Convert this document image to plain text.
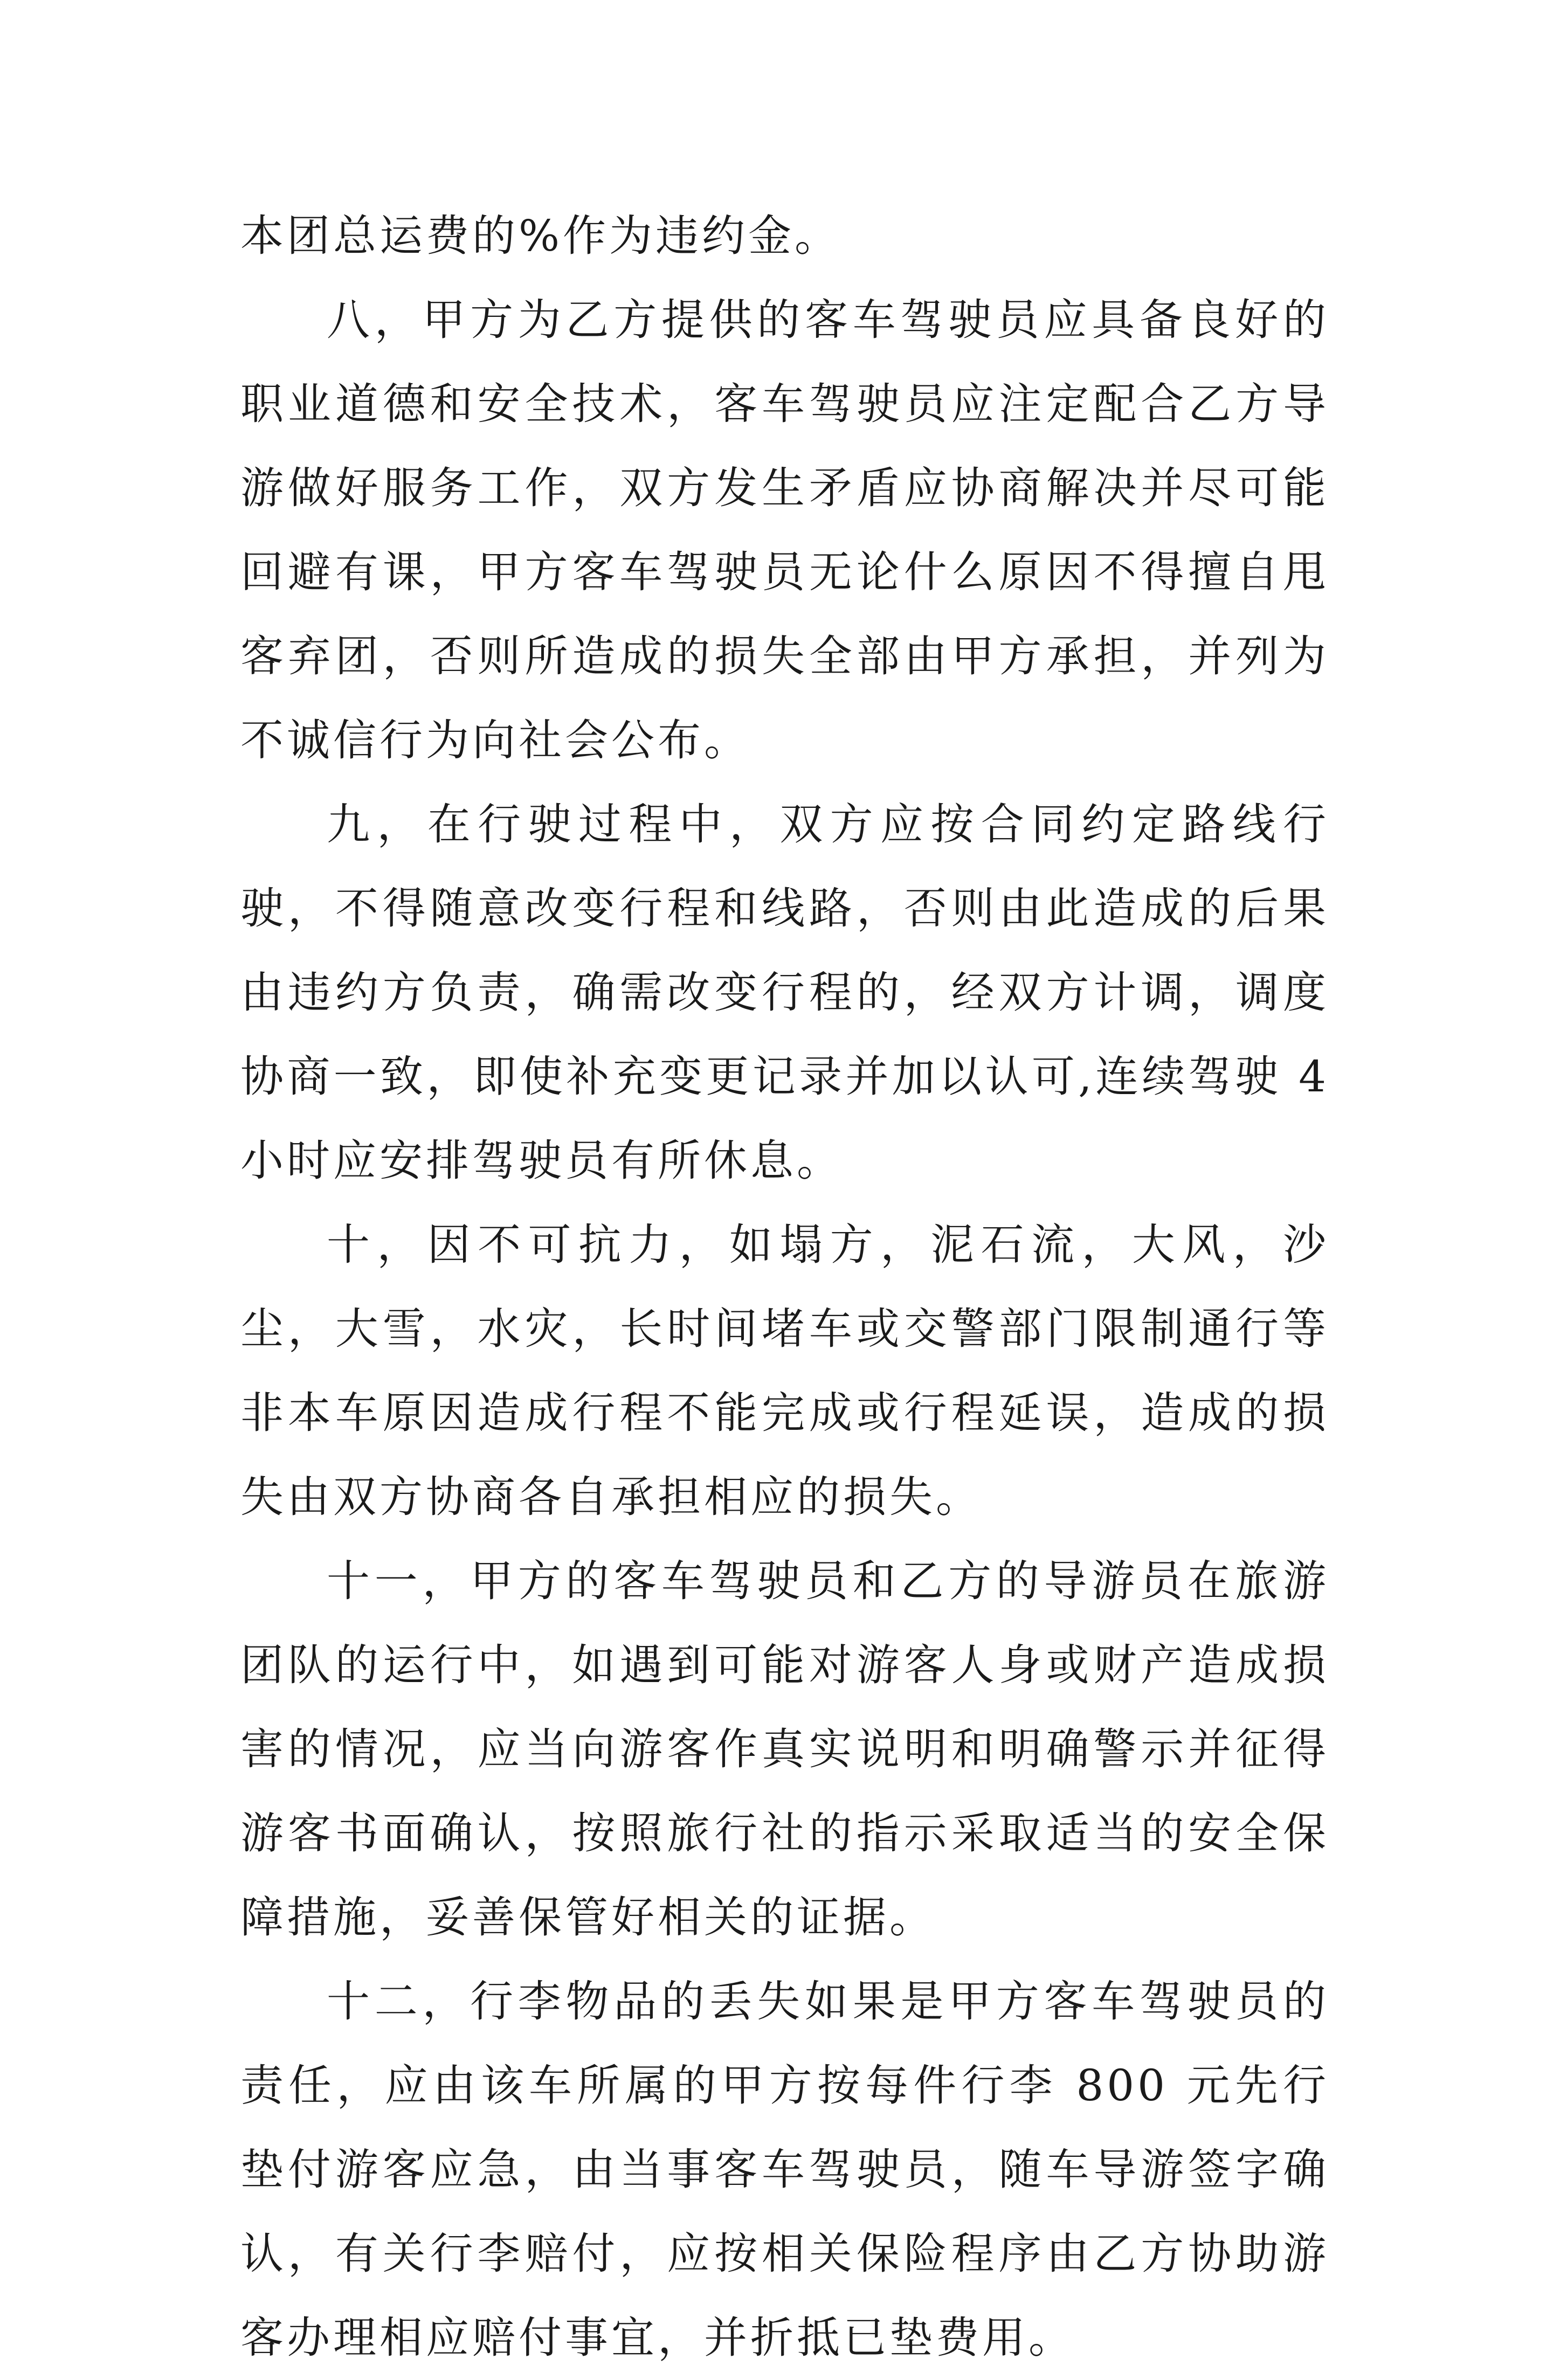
本团总运费的%作为违约金。

八，甲方为乙方提供的客车驾驶员应具备良好的职业道德和安全技术，客车驾驶员应注定配合乙方导游做好服务工作，双方发生矛盾应协商解决并尽可能回避有课，甲方客车驾驶员无论什么原因不得擅自甩客弃团，否则所造成的损失全部由甲方承担，并列为不诚信行为向社会公布。

九，在行驶过程中，双方应按合同约定路线行驶，不得随意改变行程和线路，否则由此造成的后果由违约方负责，确需改变行程的，经双方计调，调度协商一致，即使补充变更记录并加以认可,连续驾驶 4 小时应安排驾驶员有所休息。

十，因不可抗力，如塌方，泥石流，大风，沙尘，大雪，水灾，长时间堵车或交警部门限制通行等非本车原因造成行程不能完成或行程延误，造成的损失由双方协商各自承担相应的损失。

十一，甲方的客车驾驶员和乙方的导游员在旅游团队的运行中，如遇到可能对游客人身或财产造成损害的情况，应当向游客作真实说明和明确警示并征得游客书面确认，按照旅行社的指示采取适当的安全保障措施，妥善保管好相关的证据。

十二，行李物品的丢失如果是甲方客车驾驶员的责任，应由该车所属的甲方按每件行李 800 元先行垫付游客应急，由当事客车驾驶员，随车导游签字确认，有关行李赔付，应按相关保险程序由乙方协助游客办理相应赔付事宜，并折抵已垫费用。
